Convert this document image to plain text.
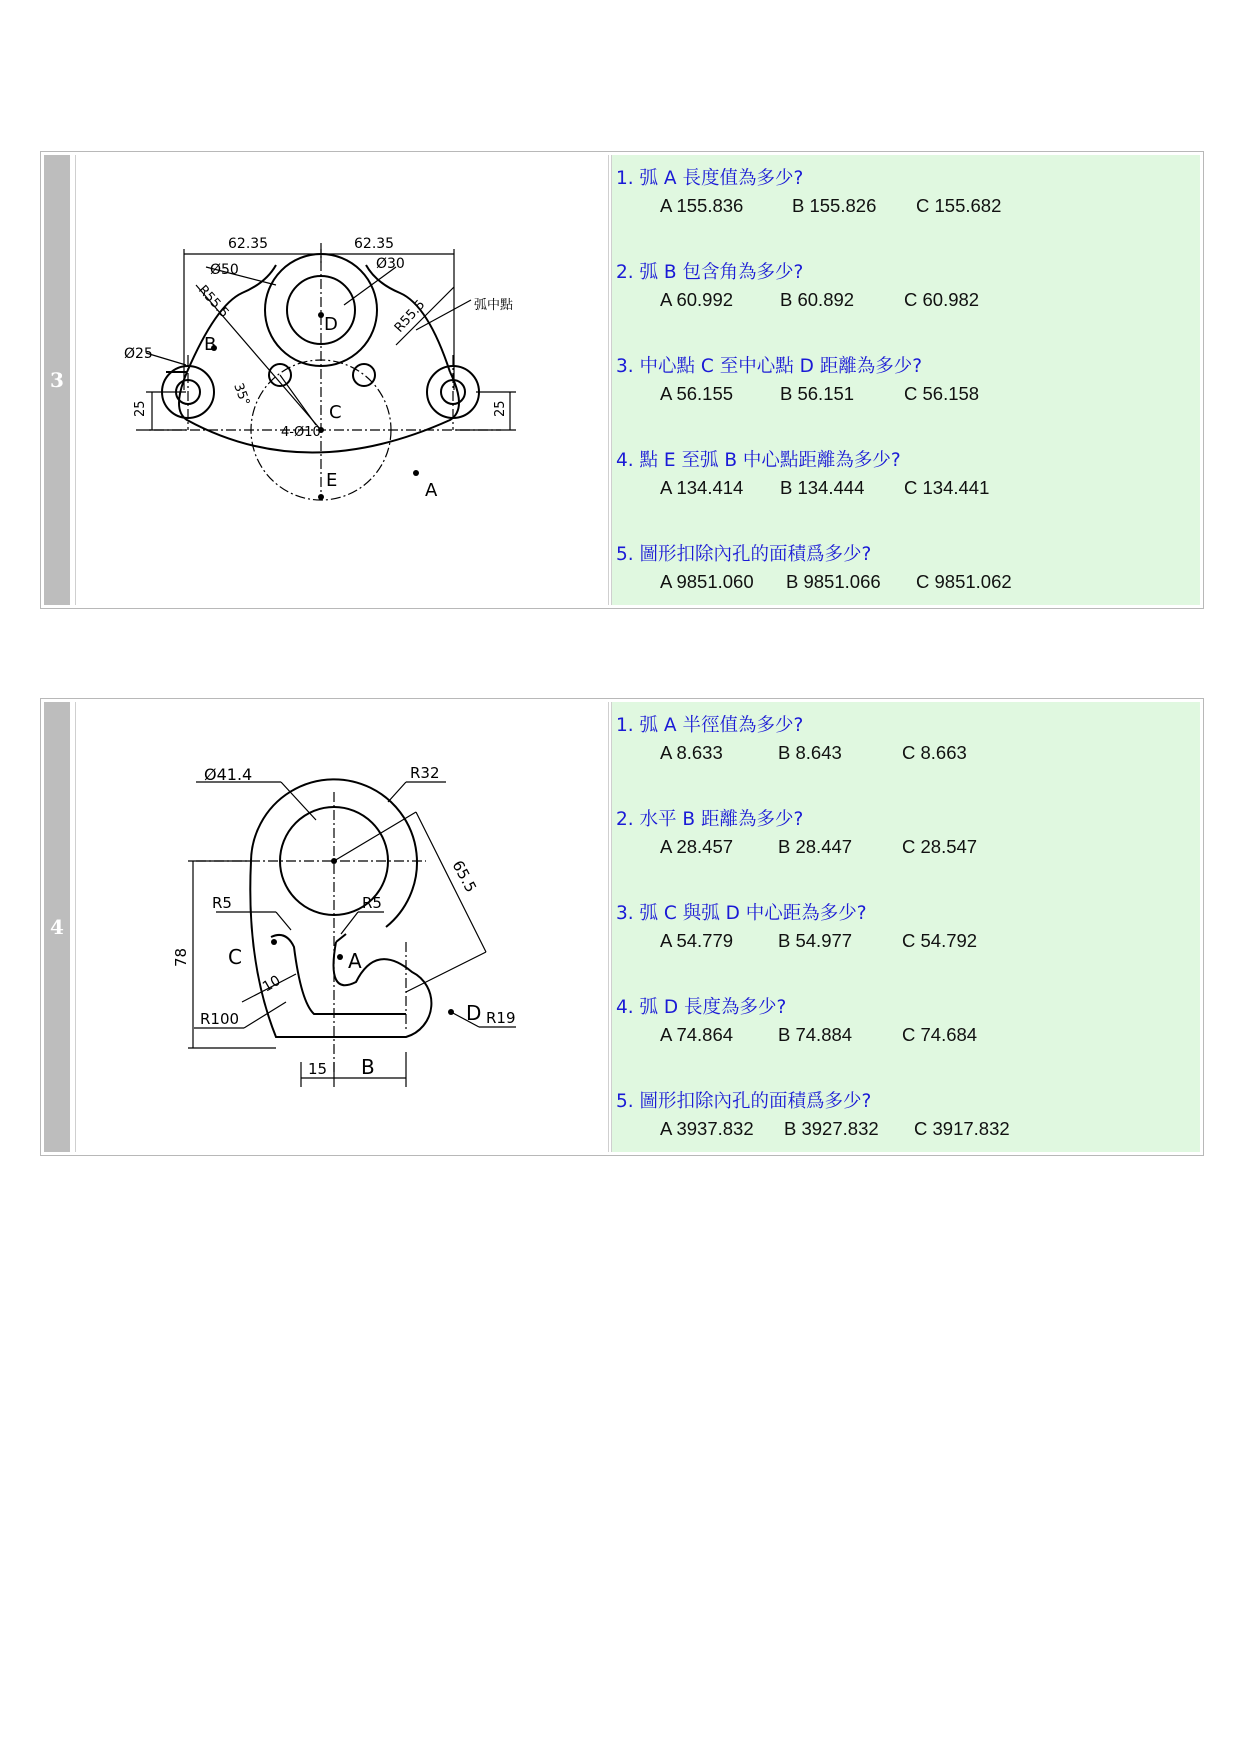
3
62.35	62.35
Ø50	Ø30
R55.5	R55.5	弧中點
Ø25
35°
4-Ø10
25	25
A
B
C
D
E
1. 弧 A 長度值為多少?
A 155.836	B 155.826 C 155.682
2. 弧 B 包含角為多少?
A 60.992	B 60.892	C 60.982
3. 中心點 C 至中心點 D 距離為多少?
A 56.155	B 56.151	C 56.158
4. 點 E 至弧 B 中心點距離為多少?
A 134.414 B 134.444 C 134.441
5. 圖形扣除內孔的面積爲多少?
A 9851.060 B 9851.066 C 9851.062
4
Ø41.4	R32
R5	R5
65.5
78
10
R100	R19
15 B
A
C
D
1. 弧 A 半徑值為多少?
A 8.633	B 8.643	C 8.663
2. 水平 B 距離為多少?
A 28.457 B 28.447	C 28.547
3. 弧 C 與弧 D 中心距為多少?
A 54.779 B 54.977	C 54.792
4. 弧 D 長度為多少?
A 74.864 B 74.884	C 74.684
5. 圖形扣除內孔的面積爲多少?
A 3937.832 B 3927.832 C 3917.832
